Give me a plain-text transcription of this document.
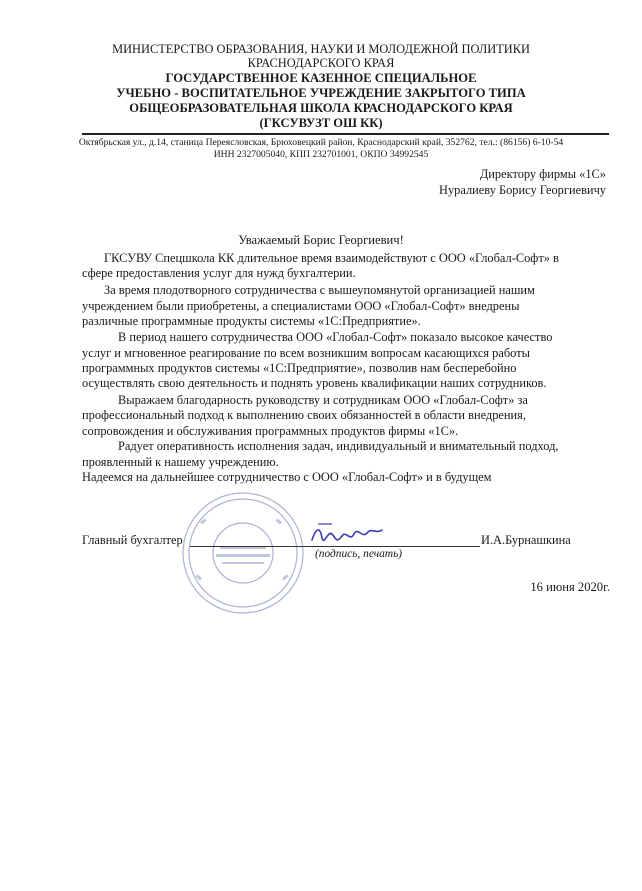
МИНИСТЕРСТВО ОБРАЗОВАНИЯ, НАУКИ И МОЛОДЕЖНОЙ ПОЛИТИКИ
КРАСНОДАРСКОГО КРАЯ
ГОСУДАРСТВЕННОЕ КАЗЕННОЕ СПЕЦИАЛЬНОЕ
УЧЕБНО - ВОСПИТАТЕЛЬНОЕ УЧРЕЖДЕНИЕ ЗАКРЫТОГО ТИПА
ОБЩЕОБРАЗОВАТЕЛЬНАЯ ШКОЛА КРАСНОДАРСКОГО КРАЯ
(ГКСУВУЗТ ОШ КК)
Октябрьская ул., д.14, станица Переясловская, Брюховецкий район, Краснодарский край, 352762, тел.: (86156) 6-10-54
ИНН 2327005040, КПП 232701001, ОКПО 34992545
Директору фирмы «1С»
Нуралиеву Борису Георгиевичу
Уважаемый Борис Георгиевич!
ГКСУВУ Спецшкола КК длительное время взаимодействуют с ООО «Глобал-Софт» в
сфере предоставления услуг для нужд бухгалтерии.
За время плодотворного сотрудничества с вышеупомянутой организацией нашим
учреждением были приобретены, а специалистами ООО «Глобал-Софт» внедрены
различные программные продукты системы «1С:Предприятие».
В период нашего сотрудничества ООО «Глобал-Софт» показало высокое качество
услуг и мгновенное реагирование по всем возникшим вопросам касающихся работы
программных продуктов системы «1С:Предприятие», позволив нам бесперебойно
осуществлять свою деятельность и поднять уровень квалификации наших сотрудников.
Выражаем благодарность руководству и сотрудникам ООО «Глобал-Софт» за
профессиональный подход к выполнению своих обязанностей в области внедрения,
сопровождения и обслуживания программных продуктов фирмы «1С».
Радует оперативность исполнения задач, индивидуальный и внимательный подход,
проявленный к нашему учреждению.
Надеемся на дальнейшее сотрудничество с ООО «Глобал-Софт» и в будущем
Главный бухгалтер	И.А.Бурнашкина
(подпись, печать)
16 июня 2020г.
